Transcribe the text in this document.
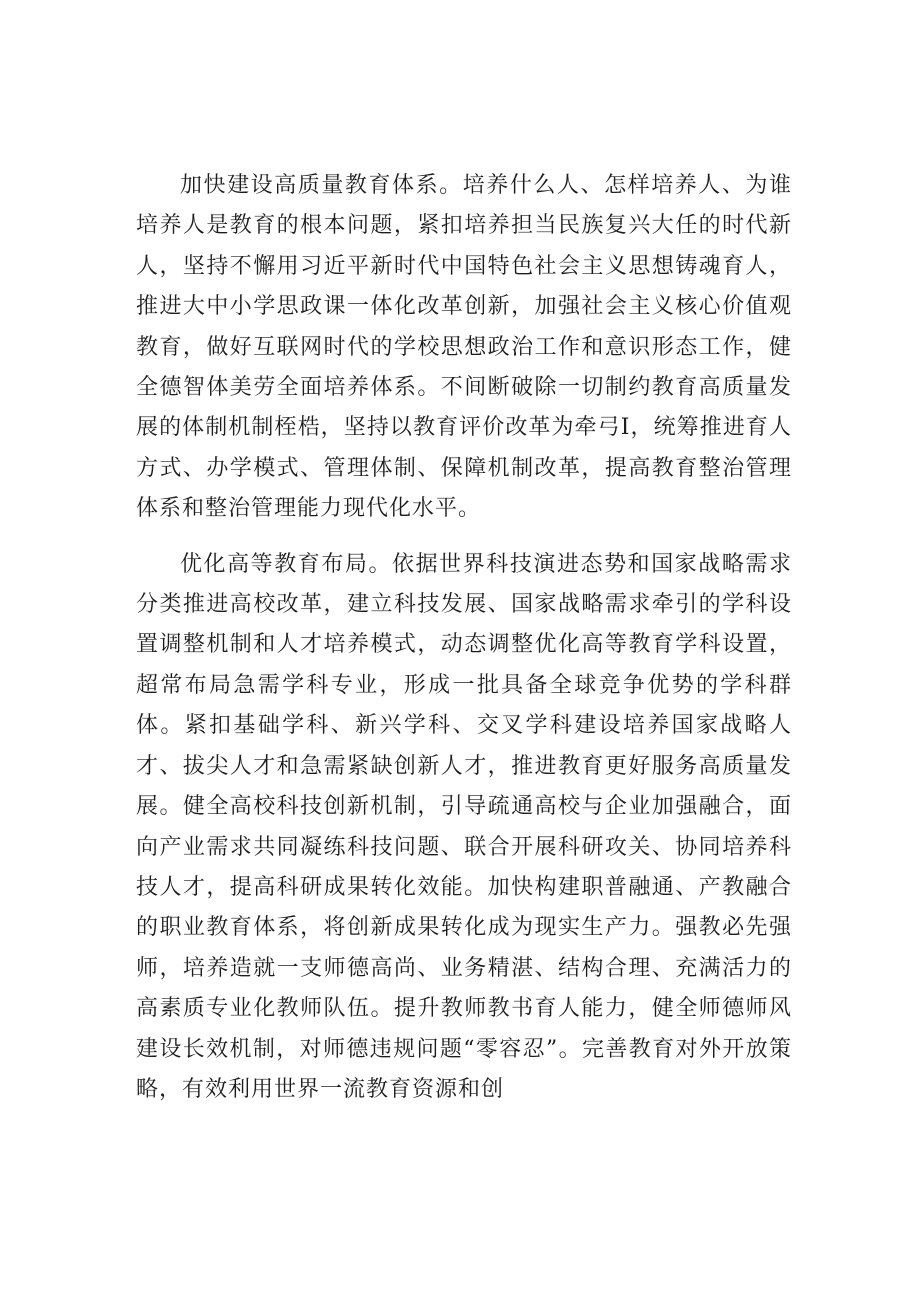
加快建设高质量教育体系。培养什么人、怎样培养人、为谁培养人是教育的根本问题，紧扣培养担当民族复兴大任的时代新人，坚持不懈用习近平新时代中国特色社会主义思想铸魂育人，推进大中小学思政课一体化改革创新，加强社会主义核心价值观教育，做好互联网时代的学校思想政治工作和意识形态工作，健全德智体美劳全面培养体系。不间断破除一切制约教育高质量发展的体制机制桎梏，坚持以教育评价改革为牵弓I，统筹推进育人方式、办学模式、管理体制、保障机制改革，提高教育整治管理体系和整治管理能力现代化水平。

优化高等教育布局。依据世界科技演进态势和国家战略需求分类推进高校改革，建立科技发展、国家战略需求牵引的学科设置调整机制和人才培养模式，动态调整优化高等教育学科设置，超常布局急需学科专业，形成一批具备全球竞争优势的学科群体。紧扣基础学科、新兴学科、交叉学科建设培养国家战略人才、拔尖人才和急需紧缺创新人才，推进教育更好服务高质量发展。健全高校科技创新机制，引导疏通高校与企业加强融合，面向产业需求共同凝练科技问题、联合开展科研攻关、协同培养科技人才，提高科研成果转化效能。加快构建职普融通、产教融合的职业教育体系，将创新成果转化成为现实生产力。强教必先强师，培养造就一支师德高尚、业务精湛、结构合理、充满活力的高素质专业化教师队伍。提升教师教书育人能力，健全师德师风建设长效机制，对师德违规问题“零容忍”。完善教育对外开放策略，有效利用世界一流教育资源和创
